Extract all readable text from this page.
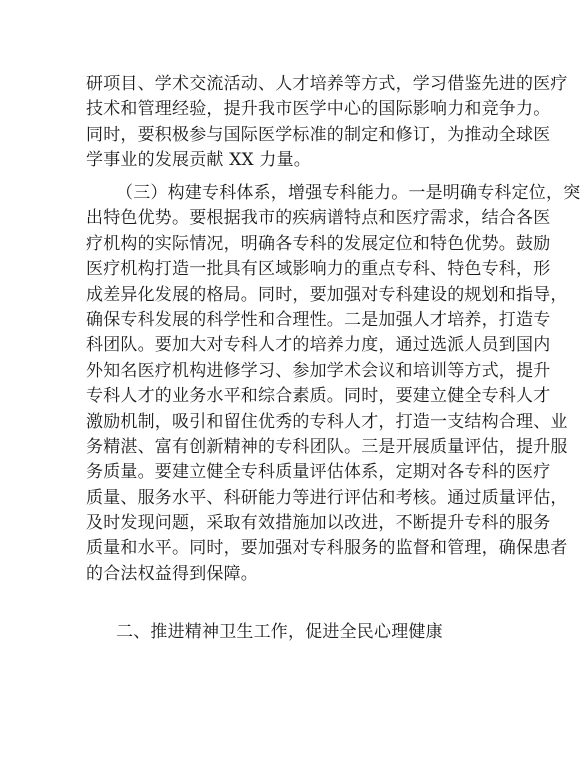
研项目、学术交流活动、人才培养等方式，学习借鉴先进的医疗
技术和管理经验，提升我市医学中心的国际影响力和竞争力。
同时，要积极参与国际医学标准的制定和修订，为推动全球医
学事业的发展贡献 XX 力量。
（三）构建专科体系，增强专科能力。一是明确专科定位，突
出特色优势。要根据我市的疾病谱特点和医疗需求，结合各医
疗机构的实际情况，明确各专科的发展定位和特色优势。鼓励
医疗机构打造一批具有区域影响力的重点专科、特色专科，形
成差异化发展的格局。同时，要加强对专科建设的规划和指导，
确保专科发展的科学性和合理性。二是加强人才培养，打造专
科团队。要加大对专科人才的培养力度，通过选派人员到国内
外知名医疗机构进修学习、参加学术会议和培训等方式，提升
专科人才的业务水平和综合素质。同时，要建立健全专科人才
激励机制，吸引和留住优秀的专科人才，打造一支结构合理、业
务精湛、富有创新精神的专科团队。三是开展质量评估，提升服
务质量。要建立健全专科质量评估体系，定期对各专科的医疗
质量、服务水平、科研能力等进行评估和考核。通过质量评估，
及时发现问题，采取有效措施加以改进，不断提升专科的服务
质量和水平。同时，要加强对专科服务的监督和管理，确保患者
的合法权益得到保障。
二、推进精神卫生工作，促进全民心理健康
